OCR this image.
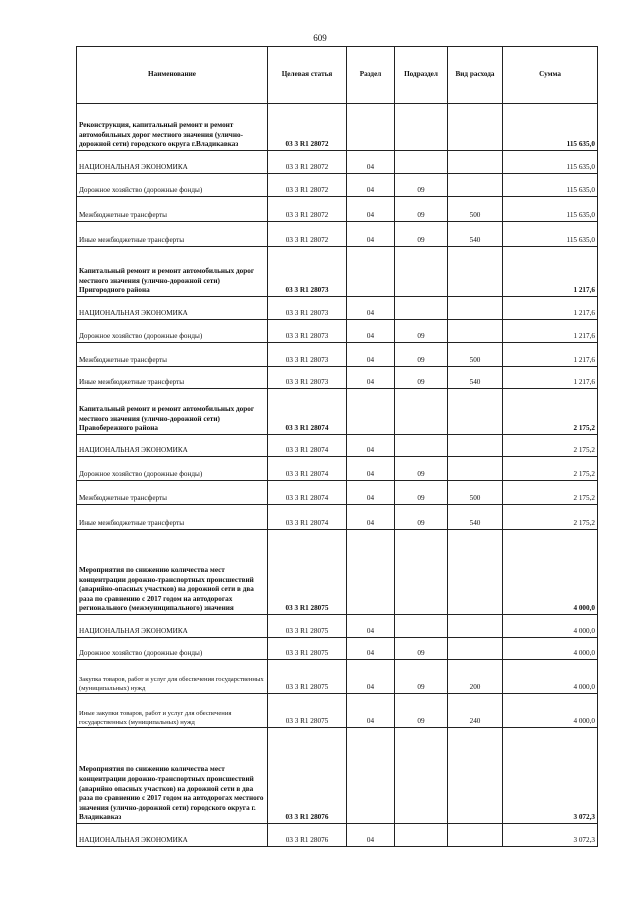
609
Наименование	Целевая статья	Раздел	Подраздел	Вид расхода	Сумма
Реконструкция, капитальный ремонт и ремонт автомобильных дорог местного значения (улично-дорожной сети) городского округа г.Владикавказ	03 3 R1 28072				115 635,0
НАЦИОНАЛЬНАЯ ЭКОНОМИКА	03 3 R1 28072	04			115 635,0
Дорожное хозяйство (дорожные фонды)	03 3 R1 28072	04	09		115 635,0
Межбюджетные трансферты	03 3 R1 28072	04	09	500	115 635,0
Иные межбюджетные трансферты	03 3 R1 28072	04	09	540	115 635,0
Капитальный ремонт и ремонт автомобильных дорог местного значения (улично-дорожной сети) Пригородного района	03 3 R1 28073				1 217,6
НАЦИОНАЛЬНАЯ ЭКОНОМИКА	03 3 R1 28073	04			1 217,6
Дорожное хозяйство (дорожные фонды)	03 3 R1 28073	04	09		1 217,6
Межбюджетные трансферты	03 3 R1 28073	04	09	500	1 217,6
Иные межбюджетные трансферты	03 3 R1 28073	04	09	540	1 217,6
Капитальный ремонт и ремонт автомобильных дорог местного значения (улично-дорожной сети) Правобережного района	03 3 R1 28074				2 175,2
НАЦИОНАЛЬНАЯ ЭКОНОМИКА	03 3 R1 28074	04			2 175,2
Дорожное хозяйство (дорожные фонды)	03 3 R1 28074	04	09		2 175,2
Межбюджетные трансферты	03 3 R1 28074	04	09	500	2 175,2
Иные межбюджетные трансферты	03 3 R1 28074	04	09	540	2 175,2
Мероприятия по снижению количества мест концентрации дорожно-транспортных происшествий (аварийно-опасных участков) на дорожной сети в два раза по сравнению с 2017 годом на автодорогах регионального (межмуниципального) значения	03 3 R1 28075				4 000,0
НАЦИОНАЛЬНАЯ ЭКОНОМИКА	03 3 R1 28075	04			4 000,0
Дорожное хозяйство (дорожные фонды)	03 3 R1 28075	04	09		4 000,0
Закупка товаров, работ и услуг для обеспечения государственных (муниципальных) нужд	03 3 R1 28075	04	09	200	4 000,0
Иные закупки товаров, работ и услуг для обеспечения государственных (муниципальных) нужд	03 3 R1 28075	04	09	240	4 000,0
Мероприятия по снижению количества мест концентрации дорожно-транспортных происшествий (аварийно опасных участков) на дорожной сети в два раза по сравнению с 2017 годом на автодорогах местного значения (улично-дорожной сети) городского округа г. Владикавказ	03 3 R1 28076				3 072,3
НАЦИОНАЛЬНАЯ ЭКОНОМИКА	03 3 R1 28076	04			3 072,3
